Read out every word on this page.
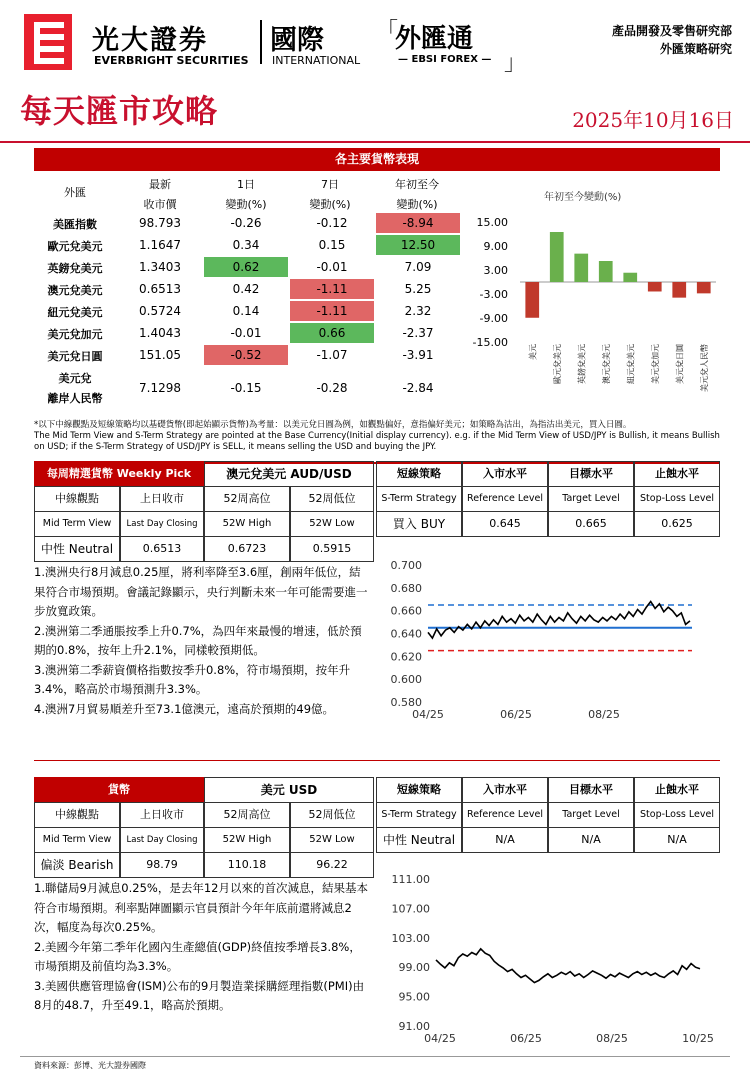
光大證券
EVERBRIGHT SECURITIES
國際
INTERNATIONAL
「
外匯通
— EBSI FOREX — 」
產品開發及零售研究部
外匯策略研究
每天匯市攻略	2025年10月16日
各主要貨幣表現
外匯
最新
收市價
1日
變動(%)
7日
變動(%)
年初至今
變動(%)
美匯指數	98.793	-0.26	-0.12	-8.94
歐元兌美元	1.1647	0.34	0.15	12.50
英鎊兌美元	1.3403	0.62	-0.01	7.09
澳元兌美元	0.6513	0.42	-1.11	5.25
紐元兌美元	0.5724	0.14	-1.11	2.32
美元兌加元	1.4043	-0.01	0.66	-2.37
美元兌日圓	151.05	-0.52	-1.07	-3.91
美元兌
離岸人民幣
7.1298	-0.15	-0.28	-2.84
年初至今變動(%)
15.00
9.00
3.00
-3.00
-9.00
-15.00
美元 歐元兌美元 英鎊兌美元 澳元兌美元 紐元兌美元 美元兌加元 美元兌日圓 美元兌人民幣
*以下中線觀點及短線策略均以基礎貨幣(即起始顯示貨幣)為考量：以美元兌日圓為例，如觀點偏好，意指偏好美元；如策略為沽出，為指沽出美元，買入日圓。
The Mid Term View and S-Term Strategy are pointed at the Base Currency(Initial display currency). e.g. if the Mid Term View of USD/JPY is Bullish, it means Bullish on USD; if the S-Term Strategy of USD/JPY is SELL, it means selling the USD and buying the JPY.
每周精選貨幣 Weekly Pick	澳元兌美元 AUD/USD
中線觀點	上日收市	52周高位	52周低位
Mid Term View	Last Day Closing	52W High	52W Low
中性 Neutral	0.6513	0.6723	0.5915
短線策略	入市水平	目標水平	止蝕水平
S-Term Strategy	Reference Level	Target Level	Stop-Loss Level
買入 BUY	0.645	0.665	0.625
1.澳洲央行8月減息0.25厘，將利率降至3.6厘，創兩年低位，結果符合市場預期。會議記錄顯示，央行判斷未來一年可能需要進一步放寬政策。
2.澳洲第二季通脹按季上升0.7%，為四年來最慢的增速，低於預期的0.8%，按年上升2.1%，同樣較預期低。
3.澳洲第二季薪資價格指數按季升0.8%，符市場預期，按年升3.4%，略高於市場預測升3.3%。
4.澳洲7月貿易順差升至73.1億澳元，遠高於預期的49億。
0.700
0.680
0.660
0.640
0.620
0.600
0.580
04/25	06/25	08/25
貨幣	美元 USD
中線觀點	上日收市	52周高位	52周低位
Mid Term View	Last Day Closing	52W High	52W Low
偏淡 Bearish	98.79	110.18	96.22
短線策略	入市水平	目標水平	止蝕水平
S-Term Strategy	Reference Level	Target Level	Stop-Loss Level
中性 Neutral	N/A	N/A	N/A
1.聯儲局9月減息0.25%，是去年12月以來的首次減息，結果基本符合市場預期。利率點陣圖顯示官員預計今年年底前還將減息2次，幅度為每次0.25%。
2.美國今年第二季年化國內生產總值(GDP)終值按季增長3.8%，市場預期及前值均為3.3%。
3.美國供應管理協會(ISM)公布的9月製造業採購經理指數(PMI)由8月的48.7，升至49.1，略高於預期。
111.00
107.00
103.00
99.00
95.00
91.00
04/25	06/25	08/25	10/25
資料來源：彭博、光大證券國際
